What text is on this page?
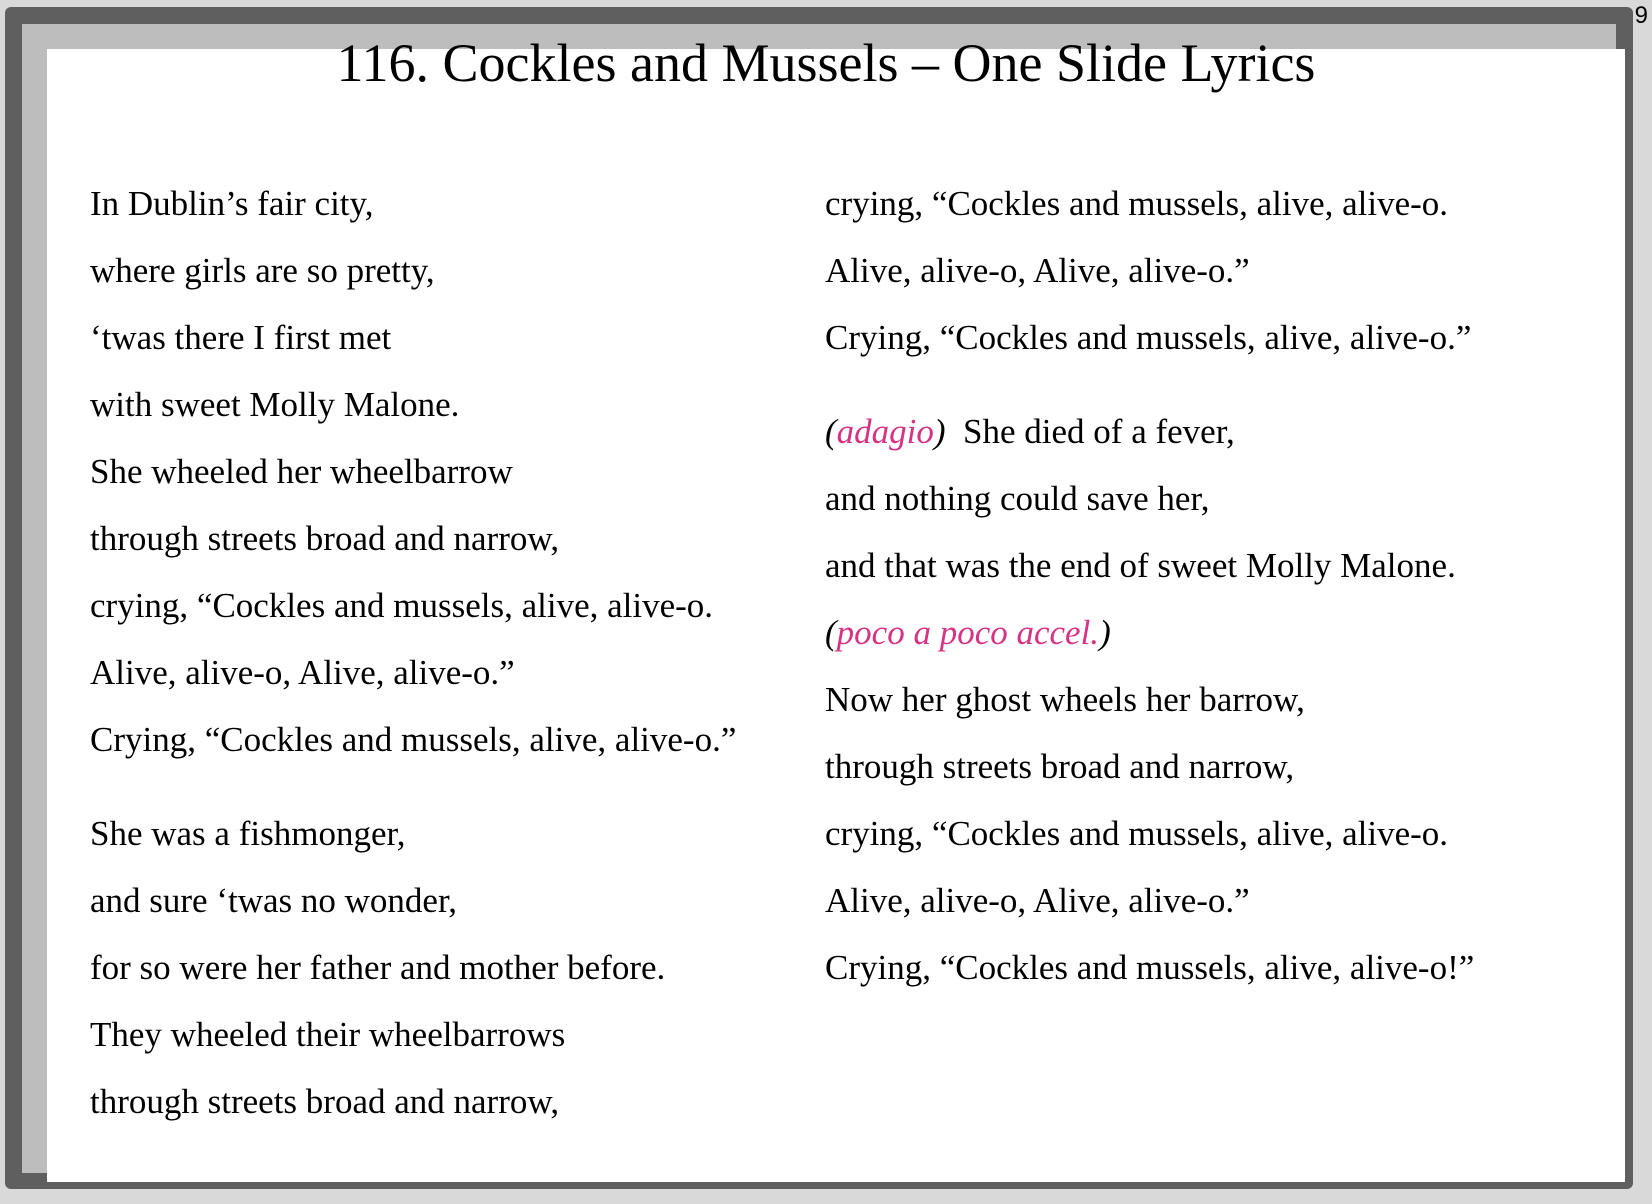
9
116. Cockles and Mussels – One Slide Lyrics
In Dublin’s fair city,
where girls are so pretty,
‘twas there I first met
with sweet Molly Malone.
She wheeled her wheelbarrow
through streets broad and narrow,
crying, “Cockles and mussels, alive, alive-o.
Alive, alive-o, Alive, alive-o.”
Crying, “Cockles and mussels, alive, alive-o.”
She was a fishmonger,
and sure ‘twas no wonder,
for so were her father and mother before.
They wheeled their wheelbarrows
through streets broad and narrow,
crying, “Cockles and mussels, alive, alive-o.
Alive, alive-o, Alive, alive-o.”
Crying, “Cockles and mussels, alive, alive-o.”
(adagio) She died of a fever,
and nothing could save her,
and that was the end of sweet Molly Malone.
(poco a poco accel.)
Now her ghost wheels her barrow,
through streets broad and narrow,
crying, “Cockles and mussels, alive, alive-o.
Alive, alive-o, Alive, alive-o.”
Crying, “Cockles and mussels, alive, alive-o!”
